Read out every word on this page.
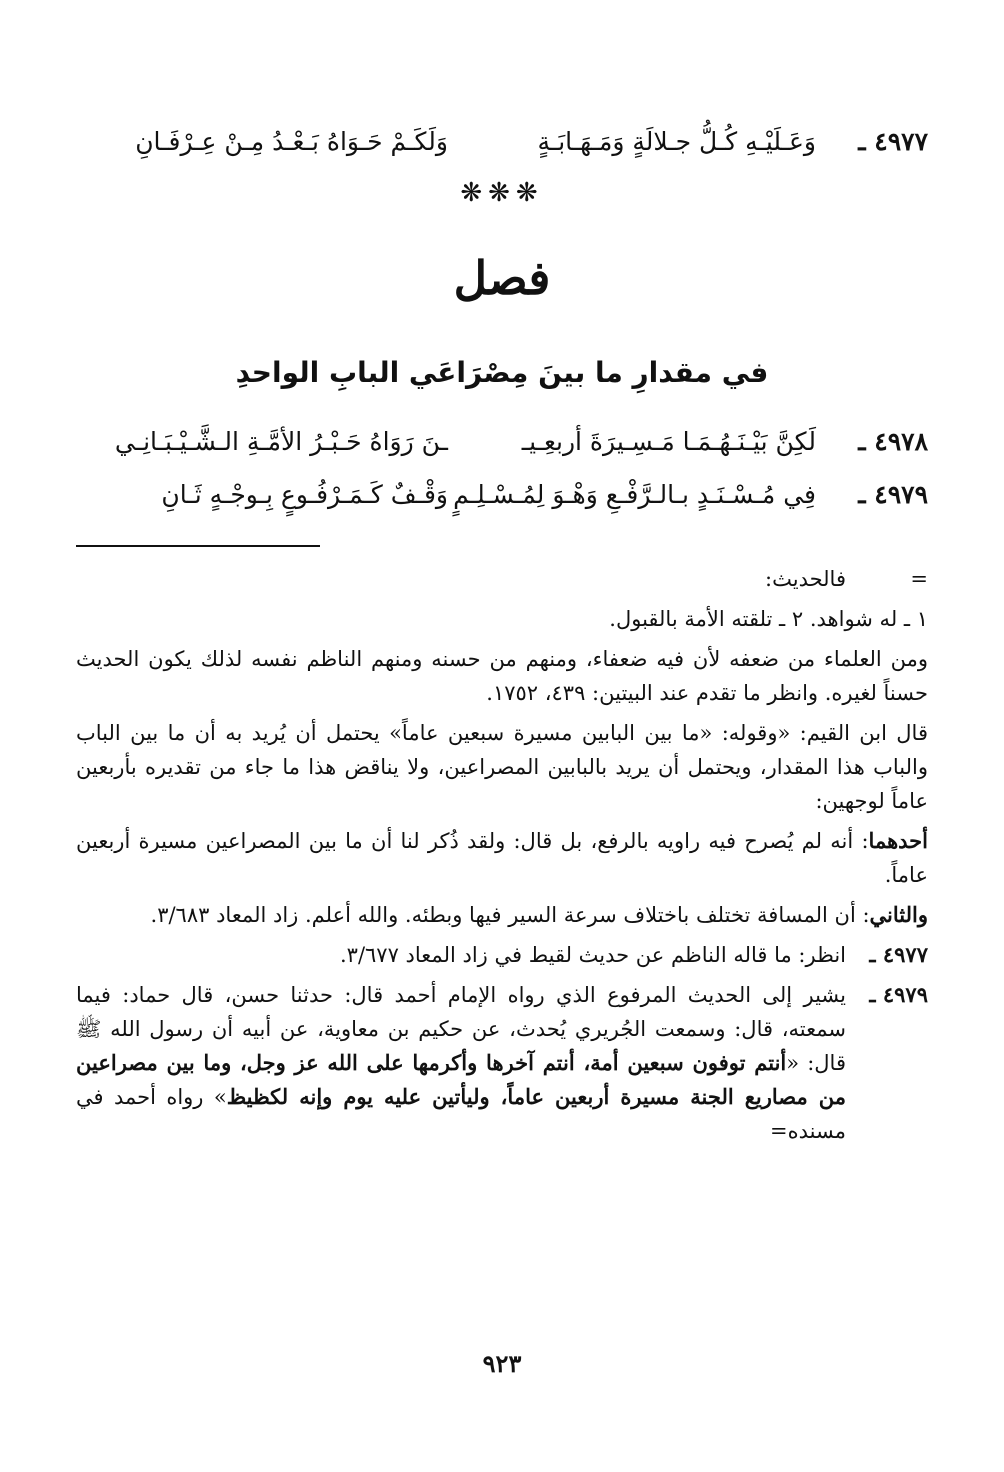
٤٩٧٧ ـ
وَعَـلَيْـهِ كُـلُّ جـلالَةٍ وَمَـهَـابَـةٍ
وَلَكَـمْ حَـوَاهُ بَـعْـدُ مِـنْ عِـرْفَـانِ
❋❋❋
فصل
في مقدارِ ما بينَ مِصْرَاعَي البابِ الواحدِ
٤٩٧٨ ـ
لَكِنَّ بَيْـنَـهُـمَـا مَـسِـيرَةَ أربعِـيـ
ـنَ رَوَاهُ حَـبْـرُ الأمَّـةِ الـشَّـيْـبَـانِـي
٤٩٧٩ ـ
فِي مُـسْـنَـدٍ بـالـرَّفْـعِ وَهْـوَ لِمُـسْـلِـمٍ
وَقْـفٌ كَـمَـرْفُـوعٍ بِـوجْـهٍ ثَـانِ

=
فالحديث:

١ ـ له شواهد. ٢ ـ تلقته الأمة بالقبول.

ومن العلماء من ضعفه لأن فيه ضعفاء، ومنهم من حسنه ومنهم الناظم نفسه لذلك يكون الحديث حسناً لغيره. وانظر ما تقدم عند البيتين: ٤٣٩، ١٧٥٢.

قال ابن القيم: «وقوله: «ما بين البابين مسيرة سبعين عاماً» يحتمل أن يُريد به أن ما بين الباب والباب هذا المقدار، ويحتمل أن يريد بالبابين المصراعين، ولا يناقض هذا ما جاء من تقديره بأربعين عاماً لوجهين:

أحدهما: أنه لم يُصرح فيه راويه بالرفع، بل قال: ولقد ذُكر لنا أن ما بين المصراعين مسيرة أربعين عاماً.

والثاني: أن المسافة تختلف باختلاف سرعة السير فيها وبطئه. والله أعلم. زاد المعاد ٣/٦٨٣.

٤٩٧٧ ـ
انظر: ما قاله الناظم عن حديث لقيط في زاد المعاد ٣/٦٧٧.

٤٩٧٩ ـ
يشير إلى الحديث المرفوع الذي رواه الإمام أحمد قال: حدثنا حسن، قال حماد: فيما سمعته، قال: وسمعت الجُريري يُحدث، عن حكيم بن معاوية، عن أبيه أن رسول الله ﷺ قال: «أنتم توفون سبعين أمة، أنتم آخرها وأكرمها على الله عز وجل، وما بين مصراعين من مصاريع الجنة مسيرة أربعين عاماً، وليأتين عليه يوم وإنه لكظيظ» رواه أحمد في مسنده=

٩٢٣
